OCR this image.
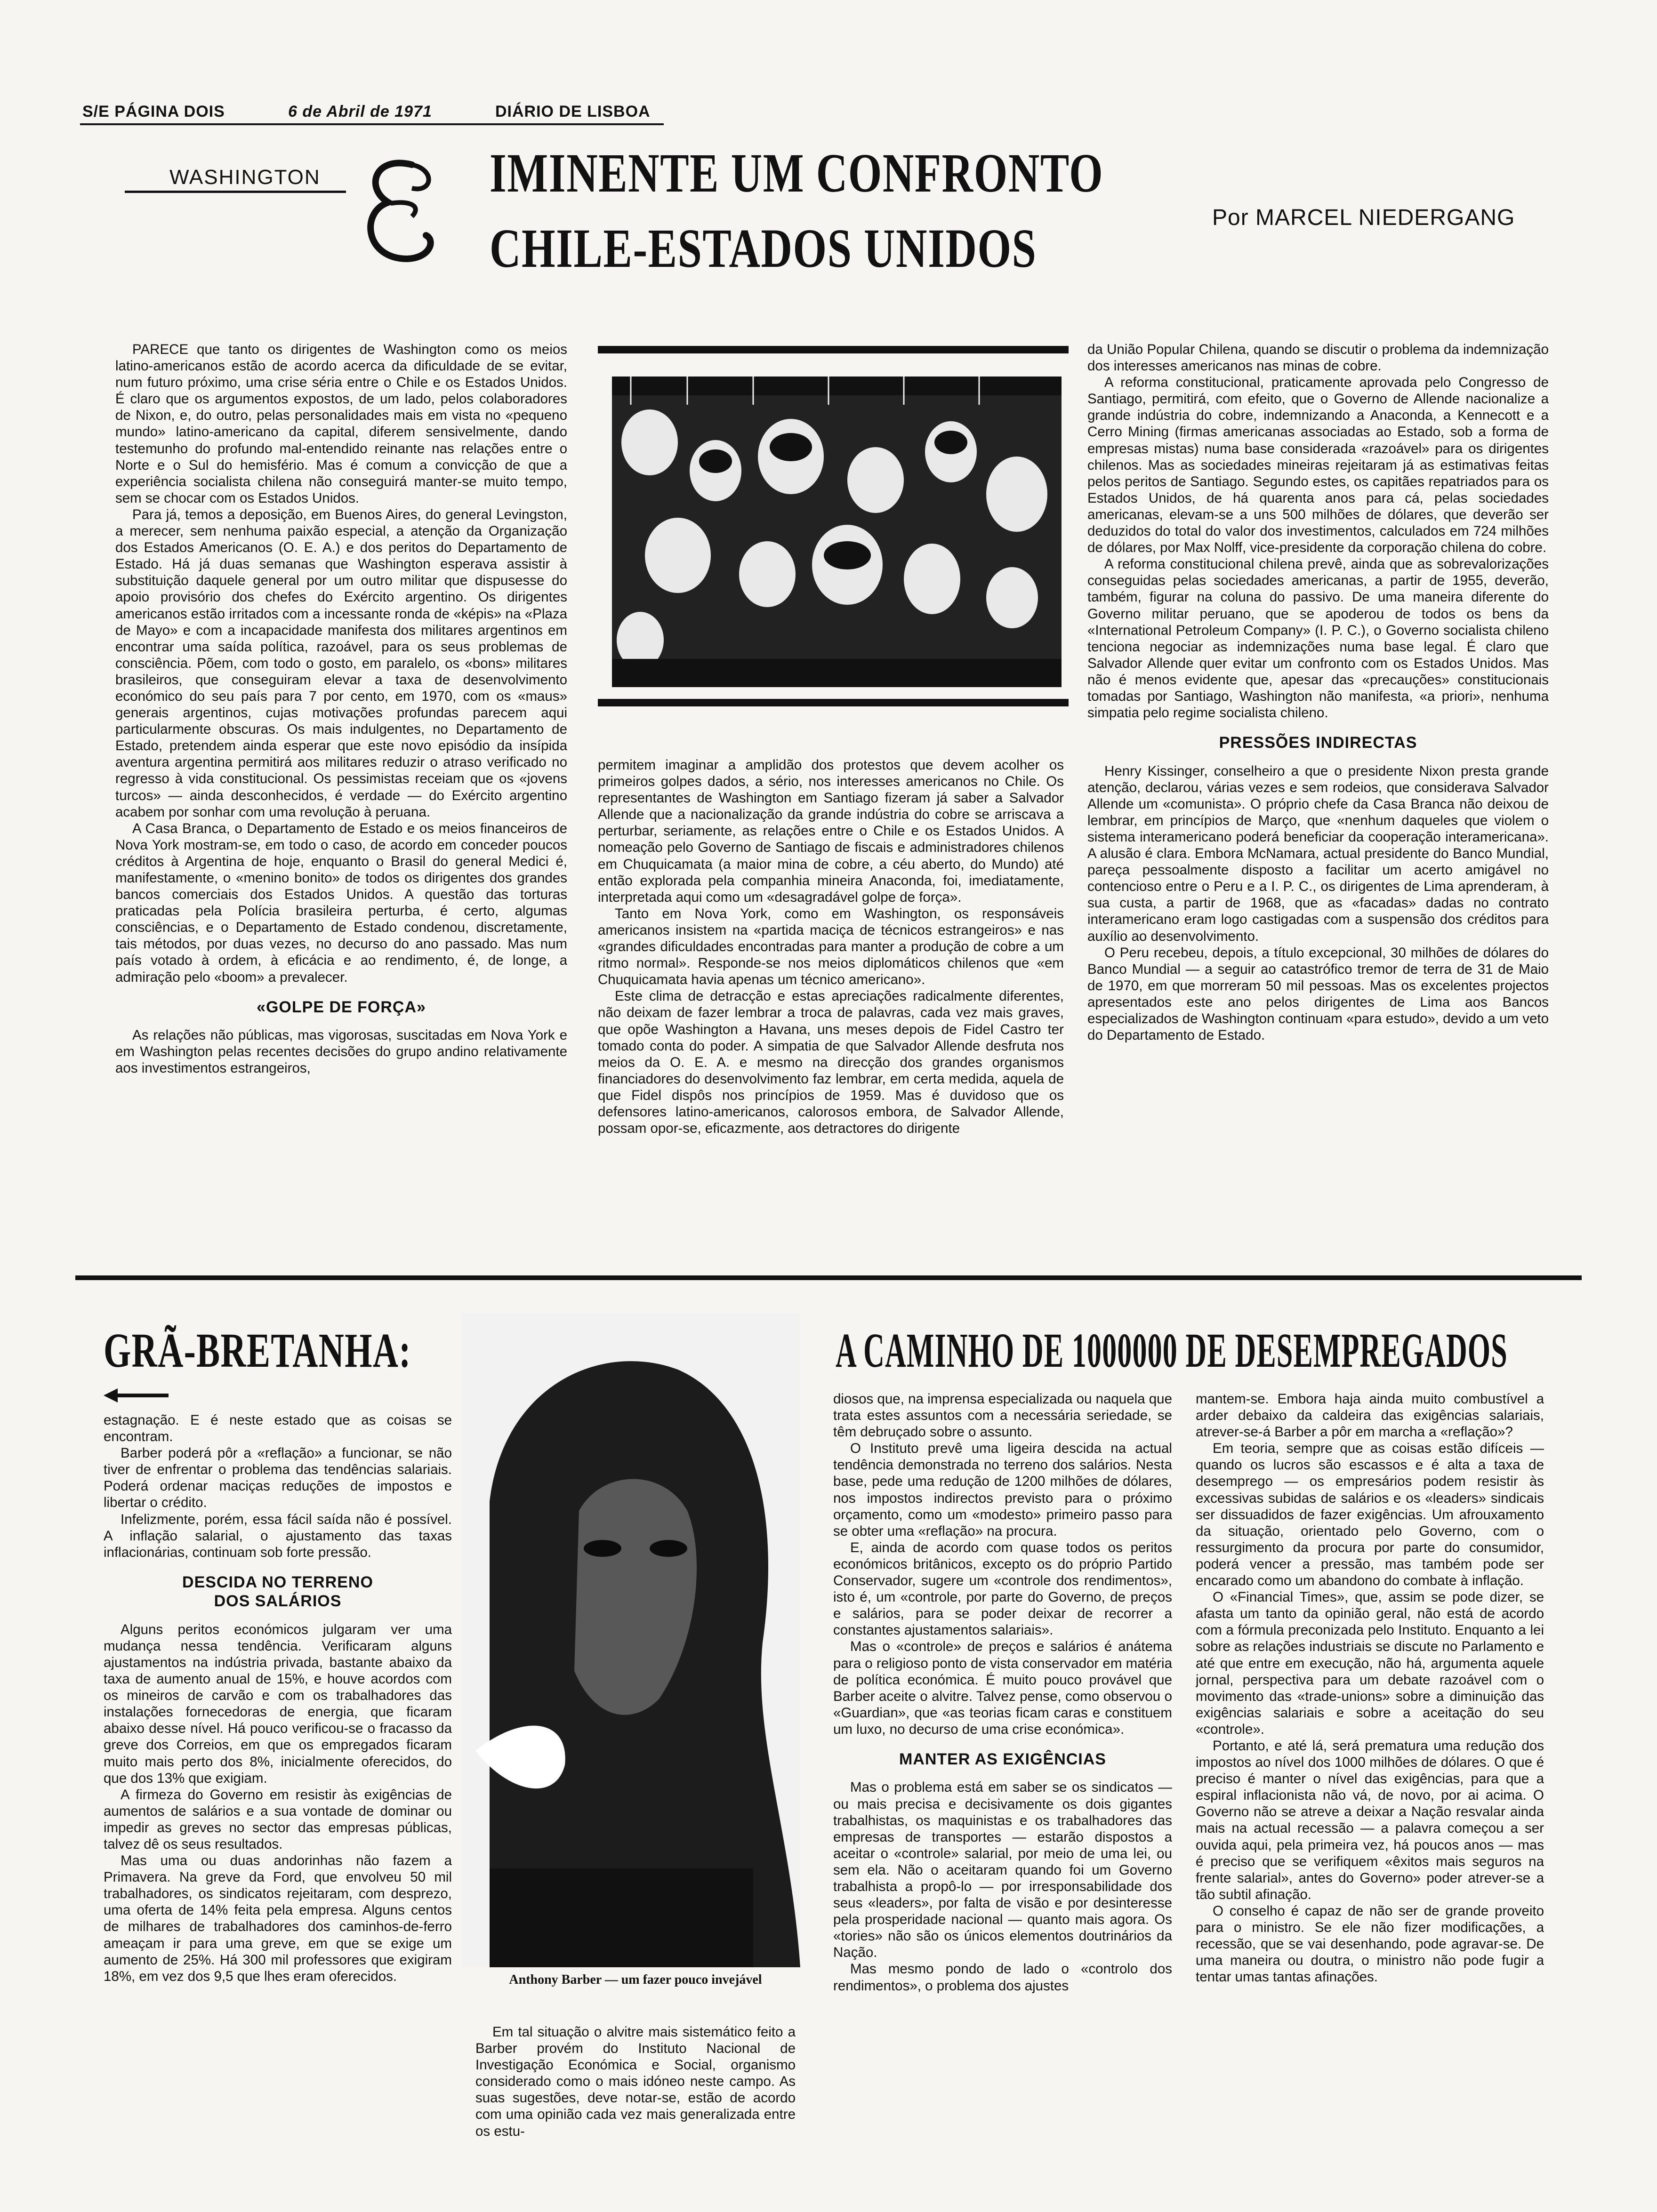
S/E PÁGINA DOIS	6 de Abril de 1971	DIÁRIO DE LISBOA
WASHINGTON	IMINENTE UM CONFRONTO
CHILE-ESTADOS UNIDOS	Por MARCEL NIEDERGANG

PARECE que tanto os dirigentes de Washington como os meios latino-americanos estão de acordo acerca da dificuldade de se evitar, num futuro próximo, uma crise séria entre o Chile e os Estados Unidos. É claro que os argumentos expostos, de um lado, pelos colaboradores de Nixon, e, do outro, pelas personalidades mais em vista no «pequeno mundo» latino-americano da capital, diferem sensivelmente, dando testemunho do profundo mal-entendido reinante nas relações entre o Norte e o Sul do hemisfério. Mas é comum a convicção de que a experiência socialista chilena não conseguirá manter-se muito tempo, sem se chocar com os Estados Unidos.

Para já, temos a deposição, em Buenos Aires, do general Levingston, a merecer, sem nenhuma paixão especial, a atenção da Organização dos Estados Americanos (O. E. A.) e dos peritos do Departamento de Estado. Há já duas semanas que Washington esperava assistir à substituição daquele general por um outro militar que dispusesse do apoio provisório dos chefes do Exército argentino. Os dirigentes americanos estão irritados com a incessante ronda de «képis» na «Plaza de Mayo» e com a incapacidade manifesta dos militares argentinos em encontrar uma saída política, razoável, para os seus problemas de consciência. Põem, com todo o gosto, em paralelo, os «bons» militares brasileiros, que conseguiram elevar a taxa de desenvolvimento económico do seu país para 7 por cento, em 1970, com os «maus» generais argentinos, cujas motivações profundas parecem aqui particularmente obscuras. Os mais indulgentes, no Departamento de Estado, pretendem ainda esperar que este novo episódio da insípida aventura argentina permitirá aos militares reduzir o atraso verificado no regresso à vida constitucional. Os pessimistas receiam que os «jovens turcos» — ainda desconhecidos, é verdade — do Exército argentino acabem por sonhar com uma revolução à peruana.

A Casa Branca, o Departamento de Estado e os meios financeiros de Nova York mostram-se, em todo o caso, de acordo em conceder poucos créditos à Argentina de hoje, enquanto o Brasil do general Medici é, manifestamente, o «menino bonito» de todos os dirigentes dos grandes bancos comerciais dos Estados Unidos. A questão das torturas praticadas pela Polícia brasileira perturba, é certo, algumas consciências, e o Departamento de Estado condenou, discretamente, tais métodos, por duas vezes, no decurso do ano passado. Mas num país votado à ordem, à eficácia e ao rendimento, é, de longe, a admiração pelo «boom» a prevalecer.

«GOLPE DE FORÇA»

As relações não públicas, mas vigorosas, suscitadas em Nova York e em Washington pelas recentes decisões do grupo andino relativamente aos investimentos estrangeiros,

permitem imaginar a amplidão dos protestos que devem acolher os primeiros golpes dados, a sério, nos interesses americanos no Chile. Os representantes de Washington em Santiago fizeram já saber a Salvador Allende que a nacionalização da grande indústria do cobre se arriscava a perturbar, seriamente, as relações entre o Chile e os Estados Unidos. A nomeação pelo Governo de Santiago de fiscais e administradores chilenos em Chuquicamata (a maior mina de cobre, a céu aberto, do Mundo) até então explorada pela companhia mineira Anaconda, foi, imediatamente, interpretada aqui como um «desagradável golpe de força».

Tanto em Nova York, como em Washington, os responsáveis americanos insistem na «partida maciça de técnicos estrangeiros» e nas «grandes dificuldades encontradas para manter a produção de cobre a um ritmo normal». Responde-se nos meios diplomáticos chilenos que «em Chuquicamata havia apenas um técnico americano».

Este clima de detracção e estas apreciações radicalmente diferentes, não deixam de fazer lembrar a troca de palavras, cada vez mais graves, que opõe Washington a Havana, uns meses depois de Fidel Castro ter tomado conta do poder. A simpatia de que Salvador Allende desfruta nos meios da O. E. A. e mesmo na direcção dos grandes organismos financiadores do desenvolvimento faz lembrar, em certa medida, aquela de que Fidel dispôs nos princípios de 1959. Mas é duvidoso que os defensores latino-americanos, calorosos embora, de Salvador Allende, possam opor-se, eficazmente, aos detractores do dirigente

da União Popular Chilena, quando se discutir o problema da indemnização dos interesses americanos nas minas de cobre.

A reforma constitucional, praticamente aprovada pelo Congresso de Santiago, permitirá, com efeito, que o Governo de Allende nacionalize a grande indústria do cobre, indemnizando a Anaconda, a Kennecott e a Cerro Mining (firmas americanas associadas ao Estado, sob a forma de empresas mistas) numa base considerada «razoável» para os dirigentes chilenos. Mas as sociedades mineiras rejeitaram já as estimativas feitas pelos peritos de Santiago. Segundo estes, os capitães repatriados para os Estados Unidos, de há quarenta anos para cá, pelas sociedades americanas, elevam-se a uns 500 milhões de dólares, que deverão ser deduzidos do total do valor dos investimentos, calculados em 724 milhões de dólares, por Max Nolff, vice-presidente da corporação chilena do cobre.

A reforma constitucional chilena prevê, ainda que as sobrevalorizações conseguidas pelas sociedades americanas, a partir de 1955, deverão, também, figurar na coluna do passivo. De uma maneira diferente do Governo militar peruano, que se apoderou de todos os bens da «International Petroleum Company» (I. P. C.), o Governo socialista chileno tenciona negociar as indemnizações numa base legal. É claro que Salvador Allende quer evitar um confronto com os Estados Unidos. Mas não é menos evidente que, apesar das «precauções» constitucionais tomadas por Santiago, Washington não manifesta, «a priori», nenhuma simpatia pelo regime socialista chileno.

PRESSÕES INDIRECTAS

Henry Kissinger, conselheiro a que o presidente Nixon presta grande atenção, declarou, várias vezes e sem rodeios, que considerava Salvador Allende um «comunista». O próprio chefe da Casa Branca não deixou de lembrar, em princípios de Março, que «nenhum daqueles que violem o sistema interamericano poderá beneficiar da cooperação interamericana». A alusão é clara. Embora McNamara, actual presidente do Banco Mundial, pareça pessoalmente disposto a facilitar um acerto amigável no contencioso entre o Peru e a I. P. C., os dirigentes de Lima aprenderam, à sua custa, a partir de 1968, que as «facadas» dadas no contrato interamericano eram logo castigadas com a suspensão dos créditos para auxílio ao desenvolvimento.

O Peru recebeu, depois, a título excepcional, 30 milhões de dólares do Banco Mundial — a seguir ao catastrófico tremor de terra de 31 de Maio de 1970, em que morreram 50 mil pessoas. Mas os excelentes projectos apresentados este ano pelos dirigentes de Lima aos Bancos especializados de Washington continuam «para estudo», devido a um veto do Departamento de Estado.

GRÃ-BRETANHA:	A CAMINHO DE 1000000 DE DESEMPREGADOS

estagnação. E é neste estado que as coisas se encontram.

Barber poderá pôr a «reflação» a funcionar, se não tiver de enfrentar o problema das tendências salariais. Poderá ordenar maciças reduções de impostos e libertar o crédito.

Infelizmente, porém, essa fácil saída não é possível. A inflação salarial, o ajustamento das taxas inflacionárias, continuam sob forte pressão.

DESCIDA NO TERRENO
DOS SALÁRIOS

Alguns peritos económicos julgaram ver uma mudança nessa tendência. Verificaram alguns ajustamentos na indústria privada, bastante abaixo da taxa de aumento anual de 15%, e houve acordos com os mineiros de carvão e com os trabalhadores das instalações fornecedoras de energia, que ficaram abaixo desse nível. Há pouco verificou-se o fracasso da greve dos Correios, em que os empregados ficaram muito mais perto dos 8%, inicialmente oferecidos, do que dos 13% que exigiam.

A firmeza do Governo em resistir às exigências de aumentos de salários e a sua vontade de dominar ou impedir as greves no sector das empresas públicas, talvez dê os seus resultados.

Mas uma ou duas andorinhas não fazem a Primavera. Na greve da Ford, que envolveu 50 mil trabalhadores, os sindicatos rejeitaram, com desprezo, uma oferta de 14% feita pela empresa. Alguns centos de milhares de trabalhadores dos caminhos-de-ferro ameaçam ir para uma greve, em que se exige um aumento de 25%. Há 300 mil professores que exigiram 18%, em vez dos 9,5 que lhes eram oferecidos.	Anthony Barber — um fazer pouco invejável

Em tal situação o alvitre mais sistemático feito a Barber provém do Instituto Nacional de Investigação Económica e Social, organismo considerado como o mais idóneo neste campo. As suas sugestões, deve notar-se, estão de acordo com uma opinião cada vez mais generalizada entre os estu-

diosos que, na imprensa especializada ou naquela que trata estes assuntos com a necessária seriedade, se têm debruçado sobre o assunto.

O Instituto prevê uma ligeira descida na actual tendência demonstrada no terreno dos salários. Nesta base, pede uma redução de 1200 milhões de dólares, nos impostos indirectos previsto para o próximo orçamento, como um «modesto» primeiro passo para se obter uma «reflação» na procura.

E, ainda de acordo com quase todos os peritos económicos britânicos, excepto os do próprio Partido Conservador, sugere um «controle dos rendimentos», isto é, um «controle, por parte do Governo, de preços e salários, para se poder deixar de recorrer a constantes ajustamentos salariais».

Mas o «controle» de preços e salários é anátema para o religioso ponto de vista conservador em matéria de política económica. É muito pouco provável que Barber aceite o alvitre. Talvez pense, como observou o «Guardian», que «as teorias ficam caras e constituem um luxo, no decurso de uma crise económica».

MANTER AS EXIGÊNCIAS

Mas o problema está em saber se os sindicatos — ou mais precisa e decisivamente os dois gigantes trabalhistas, os maquinistas e os trabalhadores das empresas de transportes — estarão dispostos a aceitar o «controle» salarial, por meio de uma lei, ou sem ela. Não o aceitaram quando foi um Governo trabalhista a propô-lo — por irresponsabilidade dos seus «leaders», por falta de visão e por desinteresse pela prosperidade nacional — quanto mais agora. Os «tories» não são os únicos elementos doutrinários da Nação.

Mas mesmo pondo de lado o «controlo dos rendimentos», o problema dos ajustes

mantem-se. Embora haja ainda muito combustível a arder debaixo da caldeira das exigências salariais, atrever-se-á Barber a pôr em marcha a «reflação»?

Em teoria, sempre que as coisas estão difíceis — quando os lucros são escassos e é alta a taxa de desemprego — os empresários podem resistir às excessivas subidas de salários e os «leaders» sindicais ser dissuadidos de fazer exigências. Um afrouxamento da situação, orientado pelo Governo, com o ressurgimento da procura por parte do consumidor, poderá vencer a pressão, mas também pode ser encarado como um abandono do combate à inflação.

O «Financial Times», que, assim se pode dizer, se afasta um tanto da opinião geral, não está de acordo com a fórmula preconizada pelo Instituto. Enquanto a lei sobre as relações industriais se discute no Parlamento e até que entre em execução, não há, argumenta aquele jornal, perspectiva para um debate razoável com o movimento das «trade-unions» sobre a diminuição das exigências salariais e sobre a aceitação do seu «controle».

Portanto, e até lá, será prematura uma redução dos impostos ao nível dos 1000 milhões de dólares. O que é preciso é manter o nível das exigências, para que a espiral inflacionista não vá, de novo, por ai acima. O Governo não se atreve a deixar a Nação resvalar ainda mais na actual recessão — a palavra começou a ser ouvida aqui, pela primeira vez, há poucos anos — mas é preciso que se verifiquem «êxitos mais seguros na frente salarial», antes do Governo» poder atrever-se a tão subtil afinação.

O conselho é capaz de não ser de grande proveito para o ministro. Se ele não fizer modificações, a recessão, que se vai desenhando, pode agravar-se. De uma maneira ou doutra, o ministro não pode fugir a tentar umas tantas afinações.
